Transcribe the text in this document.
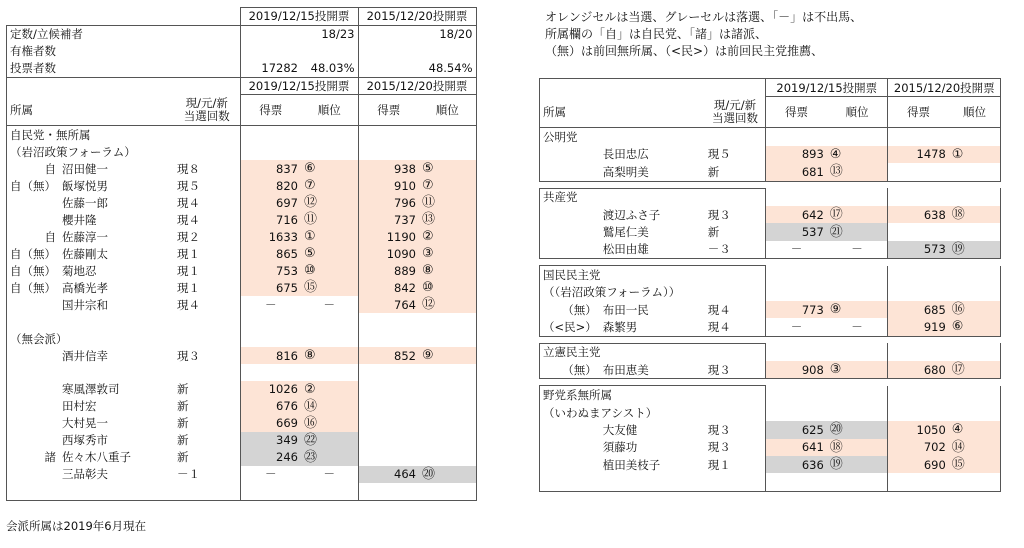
オレンジセルは当選、グレーセルは落選、「－」は不出馬、
所属欄の「自」は自民党、「諸」は諸派、
（無）は前回無所属、（<民>）は前回民主党推薦、
			2019/12/15投開票		2015/12/20投開票	
定数/立候補者			18/23		18/20	
有権者数						
投票者数			17282	48.03%	48.54%	
			2019/12/15投開票		2015/12/20投開票	
所属		現/元/新
当選回数	得票	順位	得票	順位
自民党・無所属						
（岩沼政策フォーラム）						
自	沼田健一	現８	837	⑥	938	⑤
自（無）	飯塚悦男	現５	820	⑦	910	⑦
	佐藤一郎	現４	697	⑫	796	⑪
	櫻井隆	現４	716	⑪	737	⑬
自	佐藤淳一	現２	1633	①	1190	②
自（無）	佐藤剛太	現１	865	⑤	1090	③
自（無）	菊地忍	現１	753	⑩	889	⑧
自（無）	高橋光孝	現１	675	⑮	842	⑩
	国井宗和	現４	－	－	764	⑫

（無会派）						
	酒井信幸	現３	816	⑧	852	⑨

	寒風澤敦司	新	1026	②		
	田村宏	新	676	⑭		
	大村晃一	新	669	⑯		
	西塚秀市	新	349	㉒		
諸	佐々木八重子	新	246	㉓		
	三品彰夫	－１	－	－	464	⑳

			2019/12/15投開票		2015/12/20投開票	
所属		現/元/新
当選回数	得票	順位	得票	順位
公明党						
	長田忠広	現５	893	④	1478	①
	高梨明美	新	681	⑬		

共産党						
	渡辺ふさ子	現３	642	⑰	638	⑱
	鷲尾仁美	新	537	㉑		
	松田由雄	－３	－	－	573	⑲

国民民主党						
（（岩沼政策フォーラム））						
（無）	布田一民	現４	773	⑨	685	⑯
（<民>）	森繁男	現４	－	－	919	⑥

立憲民主党						
（無）	布田恵美	現３	908	③	680	⑰

野党系無所属						
（いわぬまアシスト）						
	大友健	現３	625	⑳	1050	④
	須藤功	現３	641	⑱	702	⑭
	植田美枝子	現１	636	⑲	690	⑮

会派所属は2019年6月現在
